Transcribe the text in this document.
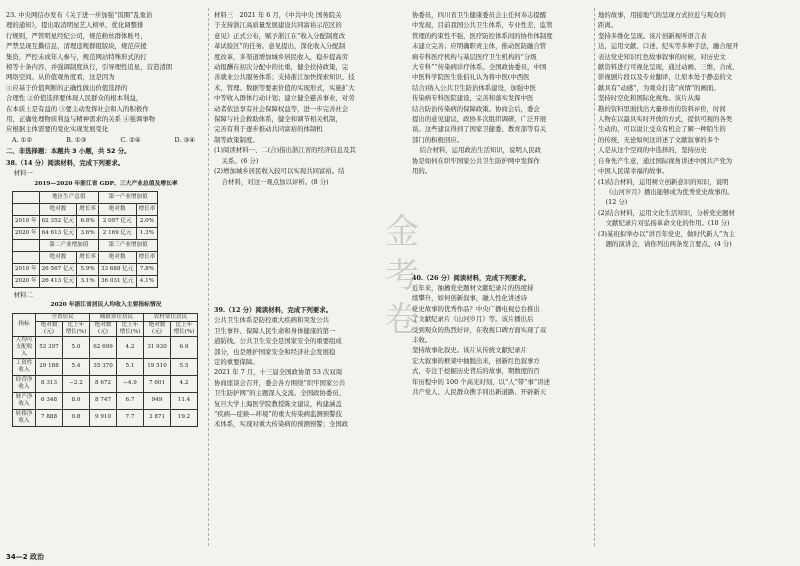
23. 中央网信办发布《关于进一步加强“饭圈”乱象治

理的通知》，提出取消明星艺人榜单、优化调整排

行规则，严管明星经纪公司，规范粉丝群体账号，

严禁呈现互撕信息，清理违规群组版块，规范应援

集资，严控未成年人参与，规范网站特殊形式的打

榜等十条内容，并强调制度执行，引导理性追星，营造清朗

网络空间。从价值观角度看，这是因为

①应基于价值判断的正确性做出价值选择的

合理性 ②价值选择要体现人民群众的根本利益，

在本质上是有益的 ③要主动发挥社会和人的积极作

用，正确处理物质利益与精神需求的关系 ④强调事物

应根据主体需要的变化实现发展变化

A. ①②	B. ①③	C. ②④	D. ③④

二、非选择题：本题共 3 小题，共 52 分。

38.（14 分）阅读材料，完成下列要求。

材料一

2019—2020 年浙江省 GDP、三大产业总值及增长率

	地区生产总值		第一产业增加值	
	绝对数	增长率	绝对数	增长率
2019 年	62 352 亿元	6.8%	2 097 亿元	2.0%
2020 年	64 613 亿元	3.6%	2 169 亿元	1.3%
	第二产业增加值		第三产业增加值	
	绝对数	增长率	绝对数	增长率
2019 年	26 567 亿元	5.9%	33 688 亿元	7.8%
2020 年	26 413 亿元	3.1%	36 031 亿元	4.1%

材料二

2020 年浙江省居民人均收入主要指标情况

指标	全省居民		城镇常住居民		农村常住居民	
	绝对数(元)	比上年增长(%)	绝对数(元)	比上年增长(%)	绝对数(元)	比上年增长(%)
人均可支配收入	52 397	5.0	62 699	4.2	31 930	6.9
工资性收入	29 188	5.4	35 370	5.1	19 510	5.5
经营净收入	8 313	−2.2	8 672	−4.9	7 601	4.2
财产净收入	6 348	8.0	8 747	6.7	949	11.4
转移净收入	7 888	9.8	9 910	7.7	3 871	19.2

材料三　2021 年 6 月，《中共中央 国务院关

于支持浙江高质量发展建设共同富裕示范区的

意见》正式公布，赋予浙江在“收入分配制度改

革试验区”的任务。意见提出，深化收入分配制

度改革，多渠道增加城乡居民收入，稳步提高劳

动报酬在初次分配中的比重，健全扶持政策，完

善就业公共服务体系；支持浙江加快探索知识、技

术、管理、数据等要素价值的实现形式，实施扩大

中等收入群体行动计划；建立健全慈善事业，对劳

动者依法享有社会保障权益等，进一步完善社会

保障与社会救助体系，健全和调节相关机制，

完善有利于逐步推动共同富裕的体制机

制等政策制度。

(1)阅读材料一、二(合)指出浙江省的经济信息及其

关系。(6 分)

(2)增加城乡居民收入较可以实现共同富裕。结

合材料，对这一观点加以评析。(8 分)

39.（12 分）阅读材料，完成下列要求。

公共卫生体系是防控重大疾病和突发公共

卫生事件、保障人民生命和身体健康的第一

道防线。公共卫生安全是国家安全的重要组成

部分，也是维护国家安全和经济社会发展稳

定的重要保障。

2021 年 7 月，十三届全国政协第 53 次双周

协商座谈会召开，委会各方围绕“织牢国家公共

卫生防护网”的主题深入交流。全国政协委员、

复旦大学上海医学院教授陈文建议，构建涵盖

“疾病—症候—环境”的重大传染病监测预警技

术体系，实现对重大传染病的预测预警；全国政

金
考
卷

协委员，四川省卫生健康委员会主任何寿志提醒

中发现，目前我国公共卫生体系，专业性差，监管

管理的约束性不强，医疗防控体系间的协作体制度

未建立完善；应明确职责主体，推动医防融合管

病专科医疗机构与基层医疗卫生机构的“分级

大专科”“传染病诊疗体系。全国政协委员，中国

中医科学院医生张伯礼认为将中医(中西医

结合)纳入公共卫生防治体系建设，加强中医

传染病专科医院建设，完善和落实发挥中医

结合防治传染病的保障政策。协商会后，委会

提出的意见建议，政协多次组织调研、广泛开展

谈。这些建议得到了国家卫健委、教育部等有关

部门的积极回应。

结合材料，运用政治生活知识，说明人民政

协是如何在织牢国家公共卫生防护网中发挥作

用的。

40.（26 分）阅读材料，完成下列要求。

近年来，抽搐党史题材文献纪录片的热度持

续攀升，如何创新叙事，融人性化讲述诗

党史故事的优秀作品？中央广播电视总台推出

了文献纪录片《山河岁月》等。该片播出后

受到观众的热烈好评，在收视口碑方面实现了双

丰收。

坚持故事化叙史。该片从传统文献纪录片

宏大叙事的框架中抽脱出来，创新红色叙事方

式，专注于挖掘历史背后的故事，期数度的百

年历程中的 100 个高光时刻，以“人”带“事”讲述

共产党人、人民群众携手同出新道路、开辟新天

地的故事，用接地气的呈现方式拉近与观众的

距离。

坚持多维化呈现。该片创新视听语言表

达，运用文献、口述、纪实等多种手法，融合展开

表达党史知识红色故事叙事的时候，对历史文

献资料进行可视化呈现，通过动画、三维、合成、

影视剧片段以及专业翻译，让原本处于静态的文

献具有“动感”，为观众打造“真情”的画面。

坚持时空化和国际化视角。该片从海

勘的资料里面找出大量珍贵的资料评价，时间

人物在以最具实时开放的方式，提供可视的各类

生动的，可以说让受众有机会了解一种陌生的

的传统，无论如何这讲述了文献叙事的多个

人是从这个空间的中选择的，坚持历史

自身先产生意，通过国际视角讲述中国共产党为

中国人民谋幸福的故事。

(1)结合材料，运用树立创新意识的知识，说明

《山河岁月》播出能够成为优秀党史故事的。

(12 分)

(2)结合材料，运用文化生活知识，分析党史题材

文献纪录片对弘扬革命文化的作用。(10 分)

(3)某班拟举办以“讲百年党史，做时代新人”为主

题的演讲会，请你列出两条发言要点。(4 分)

34—2 政治
